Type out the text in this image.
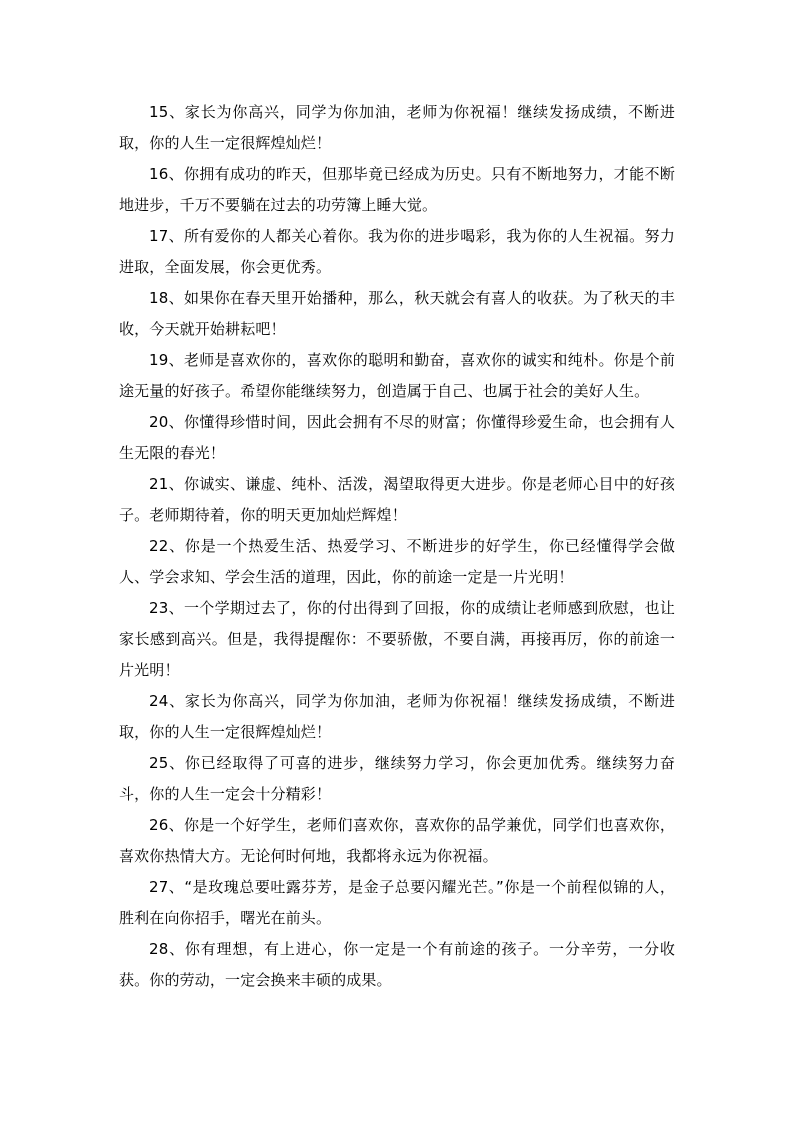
15、家长为你高兴，同学为你加油，老师为你祝福！继续发扬成绩，不断进取，你的人生一定很辉煌灿烂！

16、你拥有成功的昨天，但那毕竟已经成为历史。只有不断地努力，才能不断地进步，千万不要躺在过去的功劳簿上睡大觉。

17、所有爱你的人都关心着你。我为你的进步喝彩，我为你的人生祝福。努力进取，全面发展，你会更优秀。

18、如果你在春天里开始播种，那么，秋天就会有喜人的收获。为了秋天的丰收，今天就开始耕耘吧！

19、老师是喜欢你的，喜欢你的聪明和勤奋，喜欢你的诚实和纯朴。你是个前途无量的好孩子。希望你能继续努力，创造属于自己、也属于社会的美好人生。

20、你懂得珍惜时间，因此会拥有不尽的财富；你懂得珍爱生命，也会拥有人生无限的春光！

21、你诚实、谦虚、纯朴、活泼，渴望取得更大进步。你是老师心目中的好孩子。老师期待着，你的明天更加灿烂辉煌！

22、你是一个热爱生活、热爱学习、不断进步的好学生，你已经懂得学会做人、学会求知、学会生活的道理，因此，你的前途一定是一片光明！

23、一个学期过去了，你的付出得到了回报，你的成绩让老师感到欣慰，也让家长感到高兴。但是，我得提醒你：不要骄傲，不要自满，再接再厉，你的前途一片光明！

24、家长为你高兴，同学为你加油，老师为你祝福！继续发扬成绩，不断进取，你的人生一定很辉煌灿烂！

25、你已经取得了可喜的进步，继续努力学习，你会更加优秀。继续努力奋斗，你的人生一定会十分精彩！

26、你是一个好学生，老师们喜欢你，喜欢你的品学兼优，同学们也喜欢你，喜欢你热情大方。无论何时何地，我都将永远为你祝福。

27、“是玫瑰总要吐露芬芳，是金子总要闪耀光芒。”你是一个前程似锦的人，胜利在向你招手，曙光在前头。

28、你有理想，有上进心，你一定是一个有前途的孩子。一分辛劳，一分收获。你的劳动，一定会换来丰硕的成果。
